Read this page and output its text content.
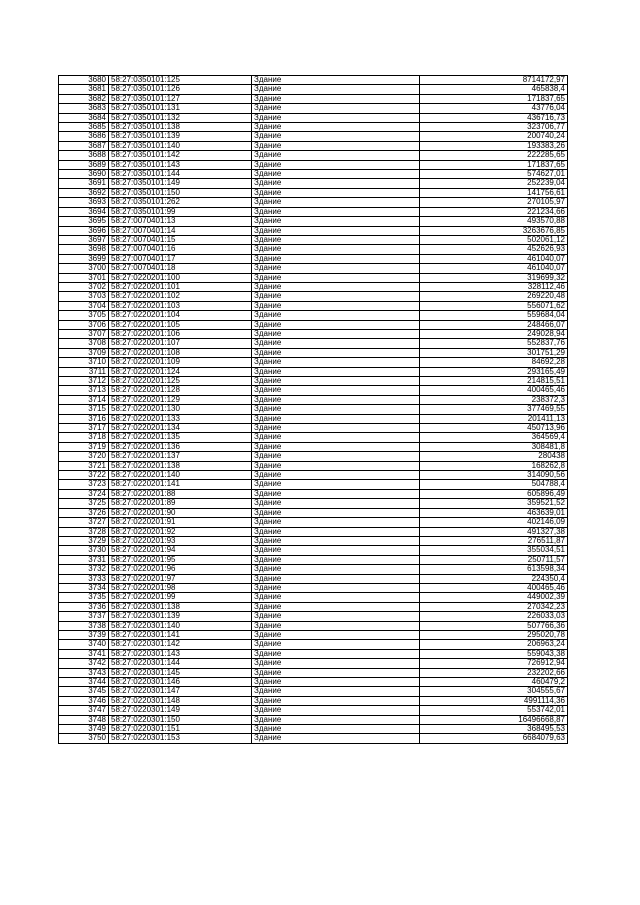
3680	58:27:0350101:125	Здание	8714172,97
3681	58:27:0350101:126	Здание	465838,4
3682	58:27:0350101:127	Здание	171837,65
3683	58:27:0350101:131	Здание	43776,04
3684	58:27:0350101:132	Здание	436716,73
3685	58:27:0350101:138	Здание	323706,77
3686	58:27:0350101:139	Здание	200740,24
3687	58:27:0350101:140	Здание	193383,26
3688	58:27:0350101:142	Здание	222285,65
3689	58:27:0350101:143	Здание	171837,65
3690	58:27:0350101:144	Здание	574627,01
3691	58:27:0350101:149	Здание	252239,04
3692	58:27:0350101:150	Здание	141756,61
3693	58:27:0350101:262	Здание	270105,97
3694	58:27:0350101:99	Здание	221234,66
3695	58:27:0070401:13	Здание	493570,88
3696	58:27:0070401:14	Здание	3263676,85
3697	58:27:0070401:15	Здание	502061,12
3698	58:27:0070401:16	Здание	452626,93
3699	58:27:0070401:17	Здание	461040,07
3700	58:27:0070401:18	Здание	461040,07
3701	58:27:0220201:100	Здание	319699,32
3702	58:27:0220201:101	Здание	328112,46
3703	58:27:0220201:102	Здание	269220,48
3704	58:27:0220201:103	Здание	556071,62
3705	58:27:0220201:104	Здание	559684,04
3706	58:27:0220201:105	Здание	248466,07
3707	58:27:0220201:106	Здание	249028,94
3708	58:27:0220201:107	Здание	552837,76
3709	58:27:0220201:108	Здание	301751,29
3710	58:27:0220201:109	Здание	84692,28
3711	58:27:0220201:124	Здание	293165,49
3712	58:27:0220201:125	Здание	214815,51
3713	58:27:0220201:128	Здание	400465,46
3714	58:27:0220201:129	Здание	238372,3
3715	58:27:0220201:130	Здание	377469,55
3716	58:27:0220201:133	Здание	201411,13
3717	58:27:0220201:134	Здание	450713,96
3718	58:27:0220201:135	Здание	364569,4
3719	58:27:0220201:136	Здание	308481,8
3720	58:27:0220201:137	Здание	280438
3721	58:27:0220201:138	Здание	168262,8
3722	58:27:0220201:140	Здание	314090,56
3723	58:27:0220201:141	Здание	504788,4
3724	58:27:0220201:88	Здание	605896,49
3725	58:27:0220201:89	Здание	359521,52
3726	58:27:0220201:90	Здание	463639,01
3727	58:27:0220201:91	Здание	402146,09
3728	58:27:0220201:92	Здание	491327,38
3729	58:27:0220201:93	Здание	276511,87
3730	58:27:0220201:94	Здание	355034,51
3731	58:27:0220201:95	Здание	250711,57
3732	58:27:0220201:96	Здание	613598,34
3733	58:27:0220201:97	Здание	224350,4
3734	58:27:0220201:98	Здание	400465,46
3735	58:27:0220201:99	Здание	449002,39
3736	58:27:0220301:138	Здание	270342,23
3737	58:27:0220301:139	Здание	226033,03
3738	58:27:0220301:140	Здание	507766,36
3739	58:27:0220301:141	Здание	295020,78
3740	58:27:0220301:142	Здание	206963,24
3741	58:27:0220301:143	Здание	559043,38
3742	58:27:0220301:144	Здание	726912,94
3743	58:27:0220301:145	Здание	232202,66
3744	58:27:0220301:146	Здание	460479,2
3745	58:27:0220301:147	Здание	304555,67
3746	58:27:0220301:148	Здание	4991114,36
3747	58:27:0220301:149	Здание	553742,01
3748	58:27:0220301:150	Здание	16496668,87
3749	58:27:0220301:151	Здание	368495,53
3750	58:27:0220301:153	Здание	6684079,63
